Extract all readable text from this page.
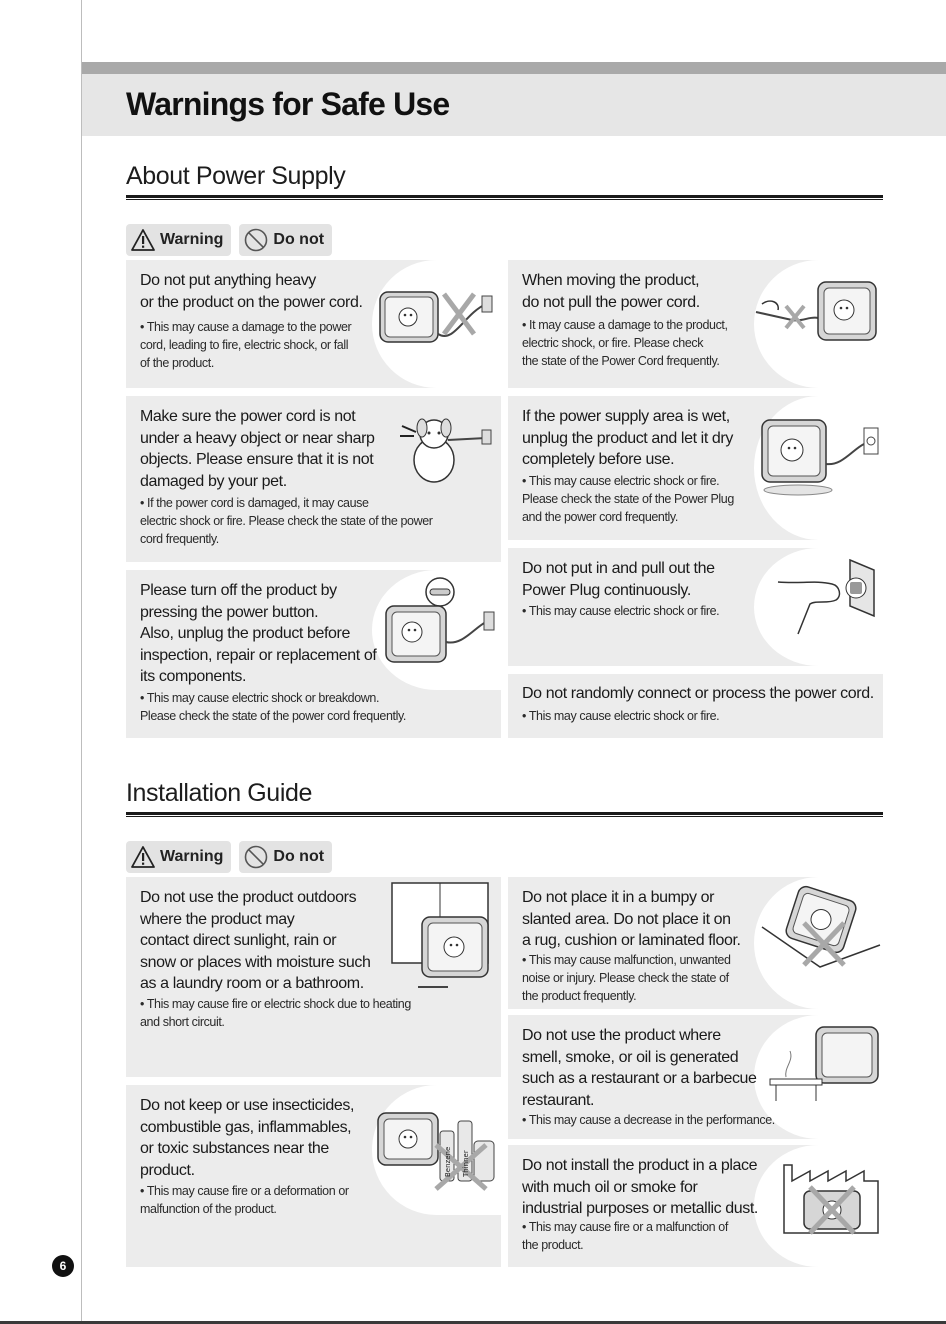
Warnings for Safe Use
About Power Supply
Warning	Do not
Do not put anything heavy
or the product on the power cord.
• This may cause a damage to the power
cord, leading to fire, electric shock, or fall
of the product.
Make sure the power cord is not
under a heavy object or near sharp
objects. Please ensure that it is not
damaged by your pet.
• If the power cord is damaged, it may cause
electric shock or fire. Please check the state of the power
cord frequently.
Please turn off the product by
pressing the power button.
Also, unplug the product before
inspection, repair or replacement of
its components.
• This may cause electric shock or breakdown.
Please check the state of the power cord frequently.
When moving the product,
do not pull the power cord.
• It may cause a damage to the product,
electric shock, or fire. Please check
the state of the Power Cord frequently.
If the power supply area is wet,
unplug the product and let it dry
completely before use.
• This may cause electric shock or fire.
Please check the state of the Power Plug
and the power cord frequently.
Do not put in and pull out the
Power Plug continuously.
• This may cause electric shock or fire.
Do not randomly connect or process the power cord.
• This may cause electric shock or fire.
Installation Guide
Warning	Do not
Do not use the product outdoors
where the product may
contact direct sunlight, rain or
snow or places with moisture such
as a laundry room or a bathroom.
• This may cause fire or electric shock due to heating
and short circuit.
Do not keep or use insecticides,
combustible gas, inflammables,
or toxic substances near the
product.
• This may cause fire or a deformation or
malfunction of the product.
Benzene Thinner
Do not place it in a bumpy or
slanted area. Do not place it on
a rug, cushion or laminated floor.
• This may cause malfunction, unwanted
noise or injury. Please check the state of
the product frequently.
Do not use the product where
smell, smoke, or oil is generated
such as a restaurant or a barbecue
restaurant.
• This may cause a decrease in the performance.
Do not install the product in a place
with much oil or smoke for
industrial purposes or metallic dust.
• This may cause fire or a malfunction of
the product.
6
